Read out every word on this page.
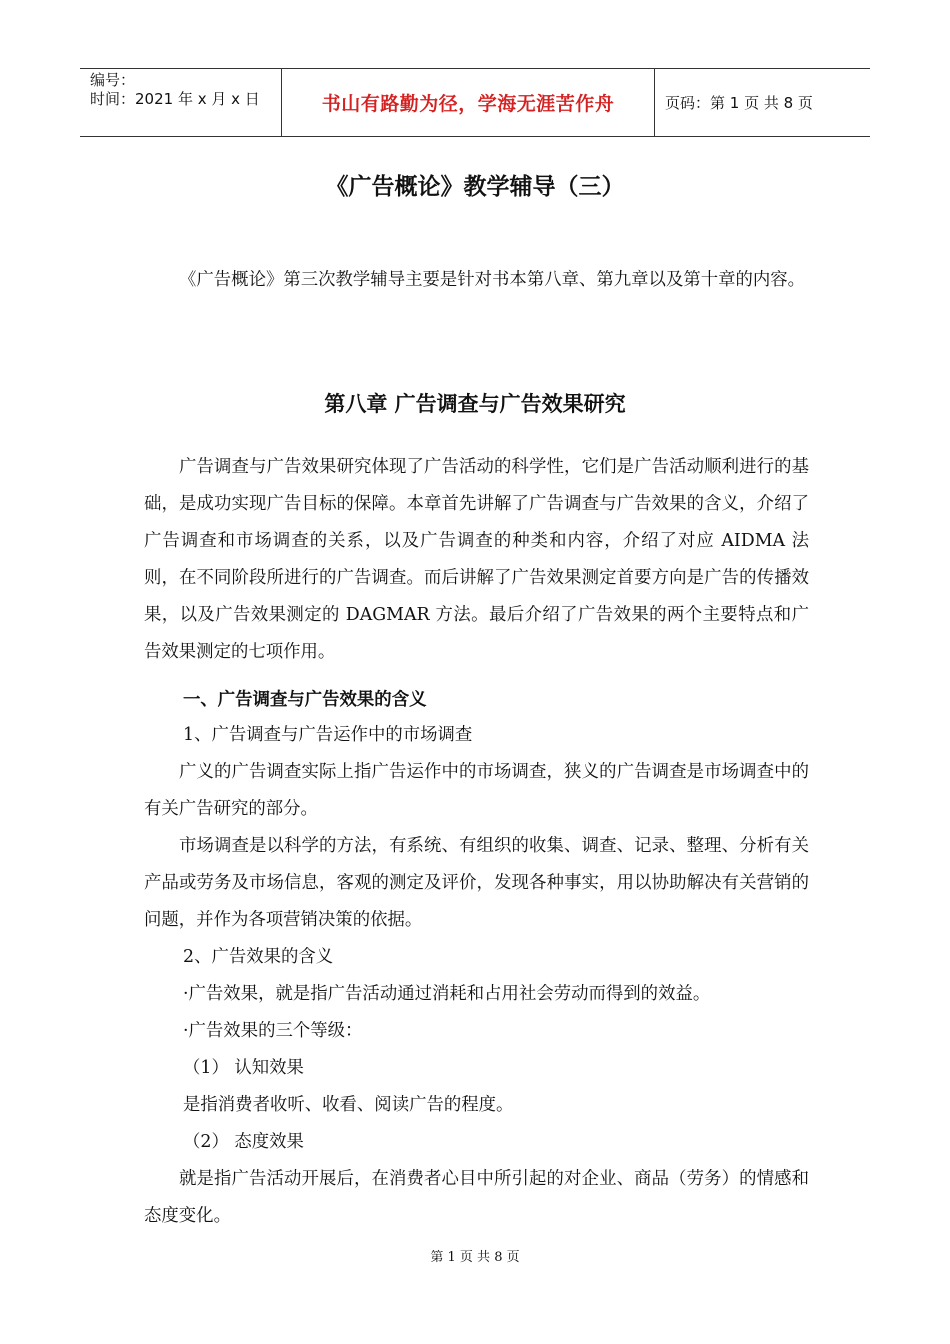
编号：
时间：2021 年 x 月 x 日	书山有路勤为径，学海无涯苦作舟	页码：第 1 页 共 8 页
《广告概论》教学辅导（三）

《广告概论》第三次教学辅导主要是针对书本第八章、第九章以及第十章的内容。

第八章 广告调查与广告效果研究

广告调查与广告效果研究体现了广告活动的科学性，它们是广告活动顺利进行的基础，是成功实现广告目标的保障。本章首先讲解了广告调查与广告效果的含义，介绍了广告调查和市场调查的关系，以及广告调查的种类和内容，介绍了对应 AIDMA 法则，在不同阶段所进行的广告调查。而后讲解了广告效果测定首要方向是广告的传播效果，以及广告效果测定的 DAGMAR 方法。最后介绍了广告效果的两个主要特点和广告效果测定的七项作用。

一、广告调查与广告效果的含义
1、广告调查与广告运作中的市场调查

广义的广告调查实际上指广告运作中的市场调查，狭义的广告调查是市场调查中的有关广告研究的部分。

市场调查是以科学的方法，有系统、有组织的收集、调查、记录、整理、分析有关产品或劳务及市场信息，客观的测定及评价，发现各种事实，用以协助解决有关营销的问题，并作为各项营销决策的依据。

2、广告效果的含义
·广告效果，就是指广告活动通过消耗和占用社会劳动而得到的效益。
·广告效果的三个等级：
（1） 认知效果
是指消费者收听、收看、阅读广告的程度。
（2） 态度效果

就是指广告活动开展后，在消费者心目中所引起的对企业、商品（劳务）的情感和态度变化。

第 1 页 共 8 页
